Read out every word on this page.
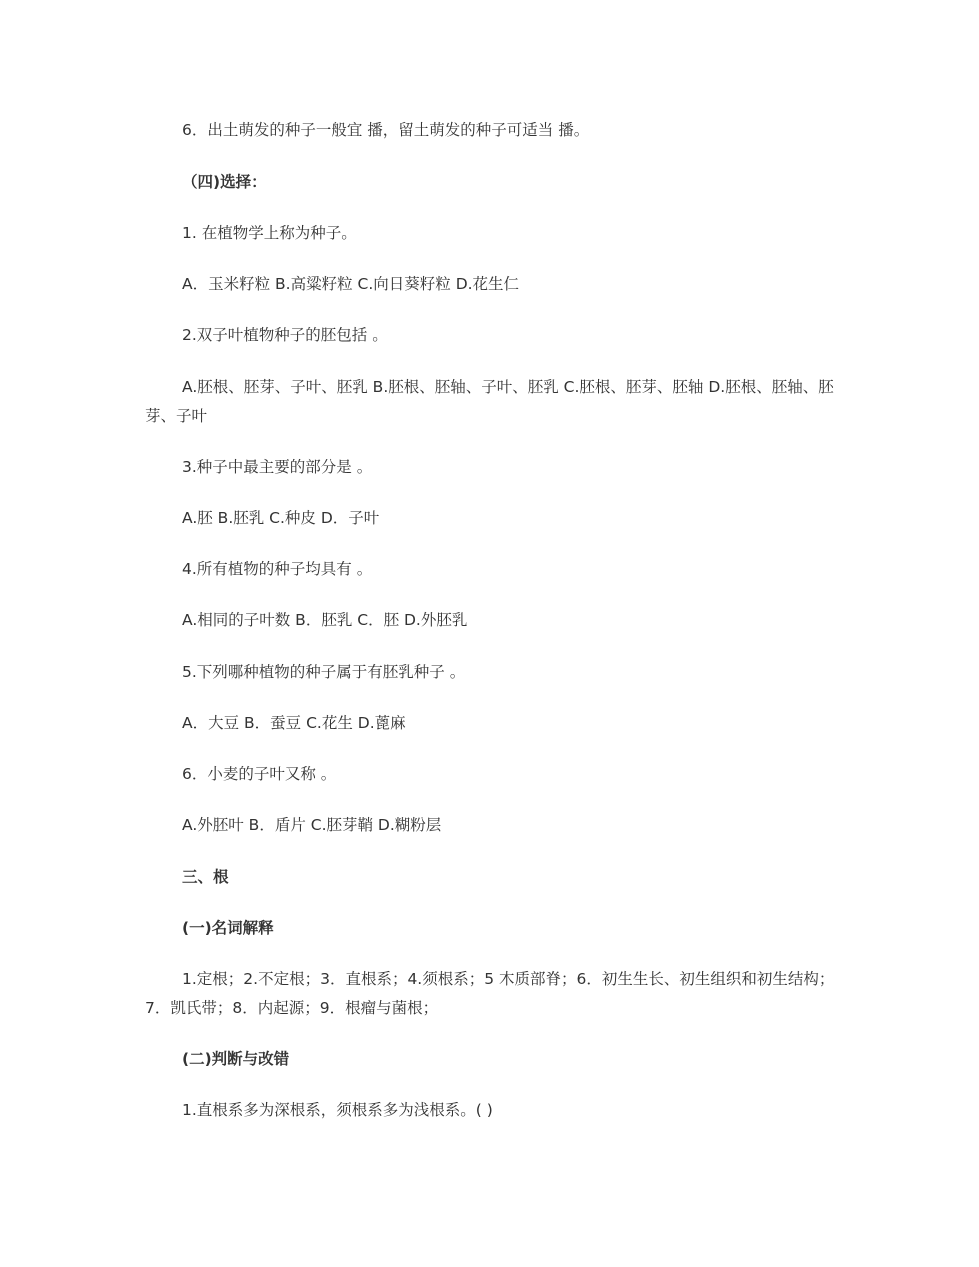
6．出土萌发的种子一般宜 播，留土萌发的种子可适当 播。

（四)选择：

1. 在植物学上称为种子。

A．玉米籽粒 B.高粱籽粒 C.向日葵籽粒 D.花生仁

2.双子叶植物种子的胚包括 。

A.胚根、胚芽、子叶、胚乳 B.胚根、胚轴、子叶、胚乳 C.胚根、胚芽、胚轴 D.胚根、胚轴、胚芽、子叶

3.种子中最主要的部分是 。

A.胚 B.胚乳 C.种皮 D．子叶

4.所有植物的种子均具有 。

A.相同的子叶数 B．胚乳 C．胚 D.外胚乳

5.下列哪种植物的种子属于有胚乳种子 。

A．大豆 B．蚕豆 C.花生 D.蓖麻

6．小麦的子叶又称 。

A.外胚叶 B．盾片 C.胚芽鞘 D.糊粉层

三、根

(一)名词解释

1.定根；2.不定根；3．直根系；4.须根系；5 木质部脊；6．初生生长、初生组织和初生结构；7．凯氏带；8．内起源；9．根瘤与菌根；

(二)判断与改错

1.直根系多为深根系，须根系多为浅根系。( )
